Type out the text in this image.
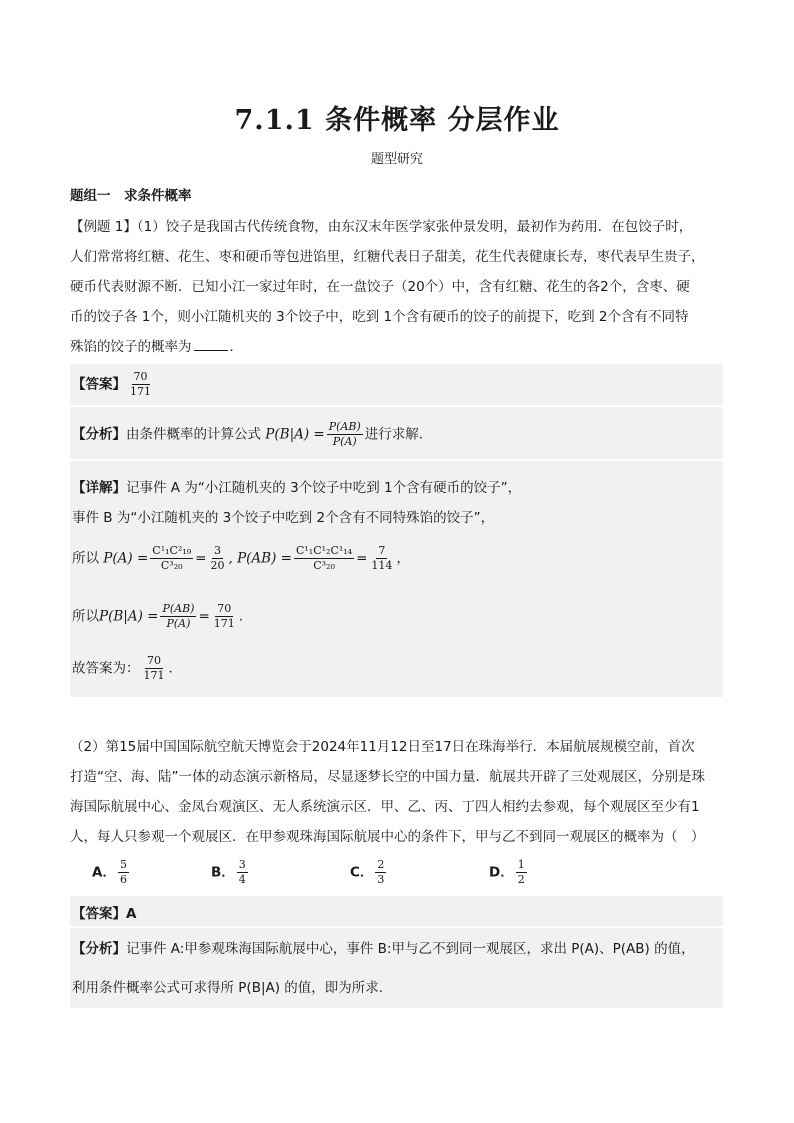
7.1.1 条件概率 分层作业
题型研究
题组一　求条件概率
【例题 1】（1）饺子是我国古代传统食物，由东汉末年医学家张仲景发明，最初作为药用．在包饺子时，
人们常常将红糖、花生、枣和硬币等包进馅里，红糖代表日子甜美，花生代表健康长寿，枣代表早生贵子，
硬币代表财源不断．已知小江一家过年时，在一盘饺子（20个）中，含有红糖、花生的各2个，含枣、硬
币的饺子各 1个，则小江随机夹的 3个饺子中，吃到 1个含有硬币的饺子的前提下，吃到 2个含有不同特
殊馅的饺子的概率为	．
【答案】 $\frac{70}{171}$
【分析】由条件概率的计算公式 $P(B|A) = \frac{P(AB)}{P(A)}$ 进行求解.
【详解】记事件 A 为“小江随机夹的 3个饺子中吃到 1个含有硬币的饺子”，
事件 B 为“小江随机夹的 3个饺子中吃到 2个含有不同特殊馅的饺子”，
所以 $P(A) = \frac{\text{C¹₁C²₁₉}}{\text{C³₂₀}} = \frac{3}{20}$ , $P(AB) = \frac{\text{C¹₁C¹₂C¹₁₄}}{\text{C³₂₀}} = \frac{7}{114}$ ，
所以$P(B|A) = \frac{P(AB)}{P(A)} = \frac{70}{171}$ .
故答案为： $\frac{70}{171}$ ．
（2）第15届中国国际航空航天博览会于2024年11月12日至17日在珠海举行．本届航展规模空前，首次
打造“空、海、陆”一体的动态演示新格局，尽显逐梦长空的中国力量．航展共开辟了三处观展区，分别是珠
海国际航展中心、金凤台观演区、无人系统演示区．甲、乙、丙、丁四人相约去参观，每个观展区至少有1
人，每人只参观一个观展区．在甲参观珠海国际航展中心的条件下，甲与乙不到同一观展区的概率为（　）
A． $\frac{5}{6}$	B． $\frac{3}{4}$	C． $\frac{2}{3}$	D． $\frac{1}{2}$
【答案】A
【分析】记事件 A:甲参观珠海国际航展中心，事件 B:甲与乙不到同一观展区，求出 P(A)、P(AB) 的值，
利用条件概率公式可求得所 P(B|A) 的值，即为所求.
